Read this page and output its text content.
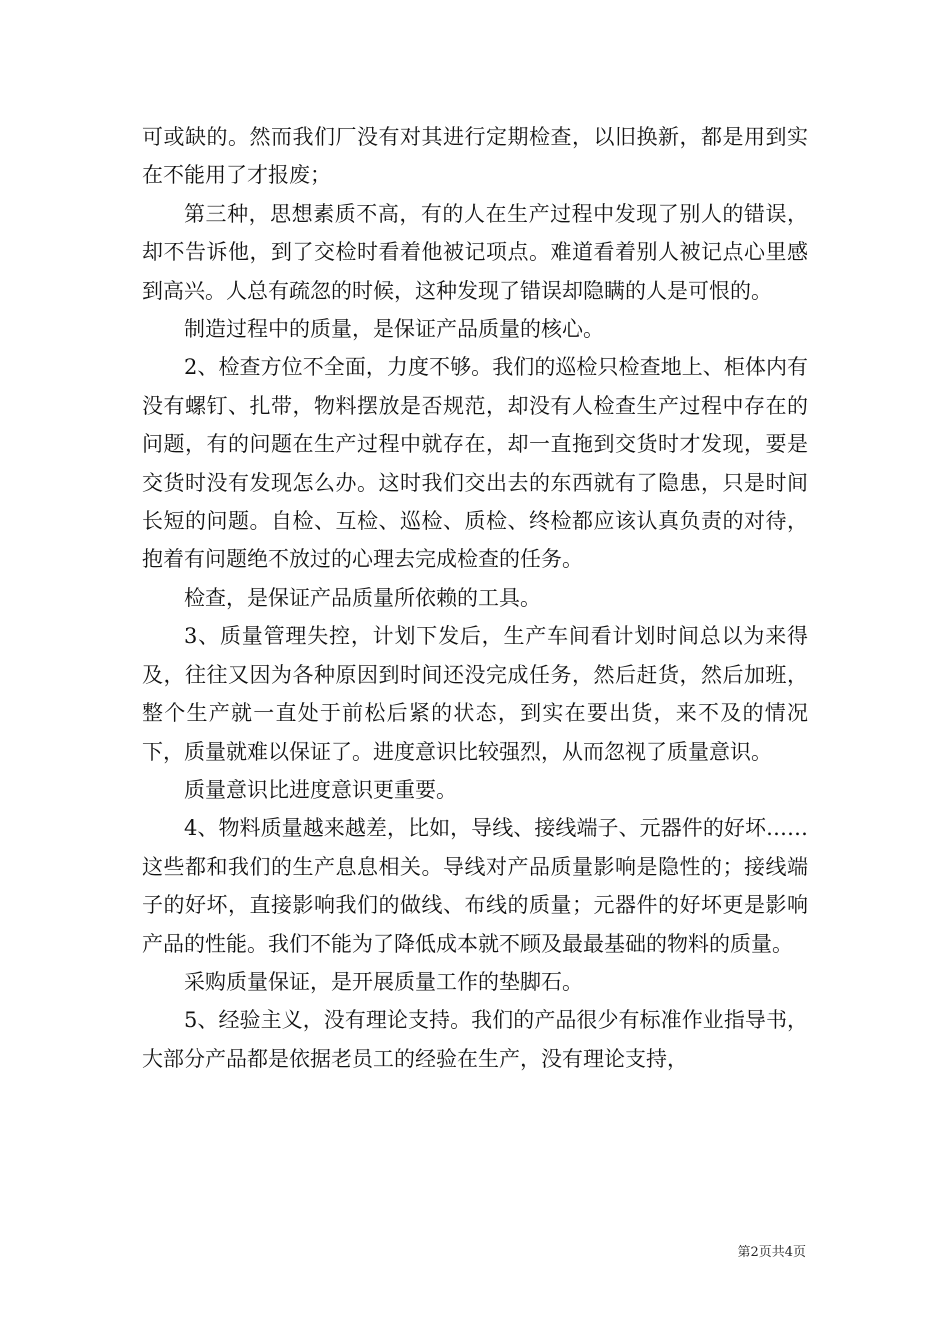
可或缺的。然而我们厂没有对其进行定期检查，以旧换新，都是用到实在不能用了才报废；

第三种，思想素质不高，有的人在生产过程中发现了别人的错误，却不告诉他，到了交检时看着他被记项点。难道看着别人被记点心里感到高兴。人总有疏忽的时候，这种发现了错误却隐瞒的人是可恨的。

制造过程中的质量，是保证产品质量的核心。

2、检查方位不全面，力度不够。我们的巡检只检查地上、柜体内有没有螺钉、扎带，物料摆放是否规范，却没有人检查生产过程中存在的问题，有的问题在生产过程中就存在，却一直拖到交货时才发现，要是交货时没有发现怎么办。这时我们交出去的东西就有了隐患，只是时间长短的问题。自检、互检、巡检、质检、终检都应该认真负责的对待，抱着有问题绝不放过的心理去完成检查的任务。

检查，是保证产品质量所依赖的工具。

3、质量管理失控，计划下发后，生产车间看计划时间总以为来得及，往往又因为各种原因到时间还没完成任务，然后赶货，然后加班，整个生产就一直处于前松后紧的状态，到实在要出货，来不及的情况下，质量就难以保证了。进度意识比较强烈，从而忽视了质量意识。

质量意识比进度意识更重要。

4、物料质量越来越差，比如，导线、接线端子、元器件的好坏……这些都和我们的生产息息相关。导线对产品质量影响是隐性的；接线端子的好坏，直接影响我们的做线、布线的质量；元器件的好坏更是影响产品的性能。我们不能为了降低成本就不顾及最最基础的物料的质量。

采购质量保证，是开展质量工作的垫脚石。

5、经验主义，没有理论支持。我们的产品很少有标准作业指导书，大部分产品都是依据老员工的经验在生产，没有理论支持，

第2页共4页
